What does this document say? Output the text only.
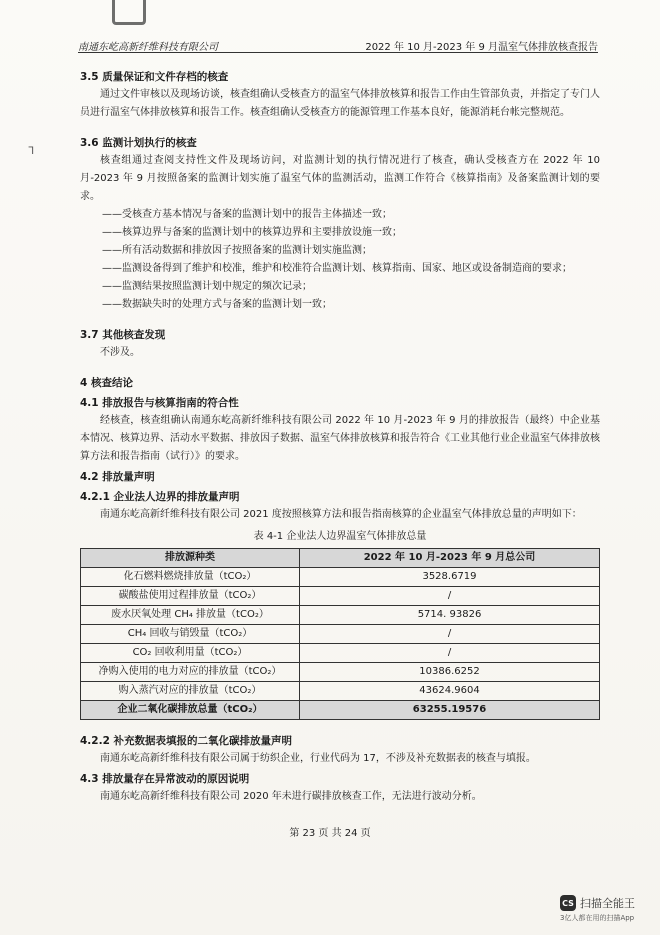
ᒣ
南通东屹高新纤维科技有限公司	2022 年 10 月-2023 年 9 月温室气体排放核查报告
3.5 质量保证和文件存档的核查
通过文件审核以及现场访谈，核查组确认受核查方的温室气体排放核算和报告工作由生管部负责，并指定了专门人员进行温室气体排放核算和报告工作。核查组确认受核查方的能源管理工作基本良好，能源消耗台帐完整规范。
3.6 监测计划执行的核查
核查组通过查阅支持性文件及现场访问，对监测计划的执行情况进行了核查，确认受核查方在 2022 年 10 月-2023 年 9 月按照备案的监测计划实施了温室气体的监测活动，监测工作符合《核算指南》及备案监测计划的要求。
——受核查方基本情况与备案的监测计划中的报告主体描述一致；
——核算边界与备案的监测计划中的核算边界和主要排放设施一致；
——所有活动数据和排放因子按照备案的监测计划实施监测；
——监测设备得到了维护和校准，维护和校准符合监测计划、核算指南、国家、地区或设备制造商的要求；
——监测结果按照监测计划中规定的频次记录；
——数据缺失时的处理方式与备案的监测计划一致；
3.7 其他核查发现
不涉及。
4 核查结论
4.1 排放报告与核算指南的符合性
经核查，核查组确认南通东屹高新纤维科技有限公司 2022 年 10 月-2023 年 9 月的排放报告（最终）中企业基本情况、核算边界、活动水平数据、排放因子数据、温室气体排放核算和报告符合《工业其他行业企业温室气体排放核算方法和报告指南（试行）》的要求。
4.2 排放量声明
4.2.1 企业法人边界的排放量声明
南通东屹高新纤维科技有限公司 2021 度按照核算方法和报告指南核算的企业温室气体排放总量的声明如下：
表 4-1 企业法人边界温室气体排放总量
排放源种类	2022 年 10 月-2023 年 9 月总公司
化石燃料燃烧排放量（tCO₂）	3528.6719
碳酸盐使用过程排放量（tCO₂）	/
废水厌氧处理 CH₄ 排放量（tCO₂）	5714. 93826
CH₄ 回收与销毁量（tCO₂）	/
CO₂ 回收利用量（tCO₂）	/
净购入使用的电力对应的排放量（tCO₂）	10386.6252
购入蒸汽对应的排放量（tCO₂）	43624.9604
企业二氧化碳排放总量（tCO₂）	63255.19576
4.2.2 补充数据表填报的二氧化碳排放量声明
南通东屹高新纤维科技有限公司属于纺织企业，行业代码为 17，不涉及补充数据表的核查与填报。
4.3 排放量存在异常波动的原因说明
南通东屹高新纤维科技有限公司 2020 年未进行碳排放核查工作，无法进行波动分析。
第 23 页 共 24 页
CS 扫描全能王
3亿人都在用的扫描App
